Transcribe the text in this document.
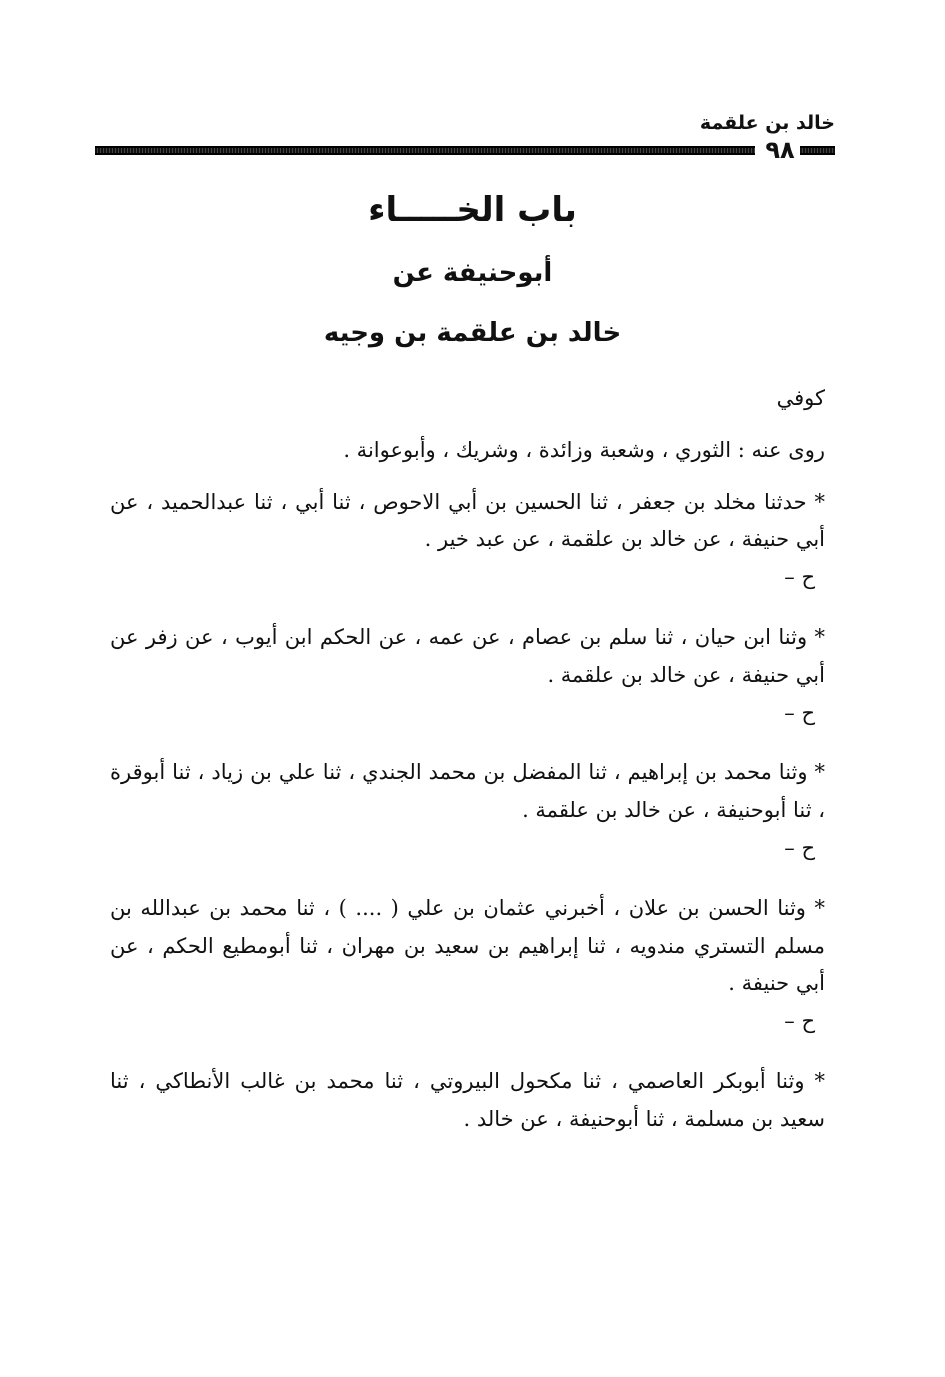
خالد بن علقمة
٩٨
باب الخـــــاء
أبوحنيفة عن
خالد بن علقمة بن وجيه

كوفي

روى عنه : الثوري ، وشعبة وزائدة ، وشريك ، وأبوعوانة .

* حدثنا مخلد بن جعفر ، ثنا الحسين بن أبي الاحوص ، ثنا أبي ، ثنا عبدالحميد ، عن أبي حنيفة ، عن خالد بن علقمة ، عن عبد خير .

ح –

* وثنا ابن حيان ، ثنا سلم بن عصام ، عن عمه ، عن الحكم ابن أيوب ، عن زفر عن أبي حنيفة ، عن خالد بن علقمة .

ح –

* وثنا محمد بن إبراهيم ، ثنا المفضل بن محمد الجندي ، ثنا علي بن زياد ، ثنا أبوقرة ، ثنا أبوحنيفة ، عن خالد بن علقمة .

ح –

* وثنا الحسن بن علان ، أخبرني عثمان بن علي ( .... ) ، ثنا محمد بن عبدالله بن مسلم التستري مندويه ، ثنا إبراهيم بن سعيد بن مهران ، ثنا أبومطيع الحكم ، عن أبي حنيفة .

ح –

* وثنا أبوبكر العاصمي ، ثنا مكحول البيروتي ، ثنا محمد بن غالب الأنطاكي ، ثنا سعيد بن مسلمة ، ثنا أبوحنيفة ، عن خالد .
